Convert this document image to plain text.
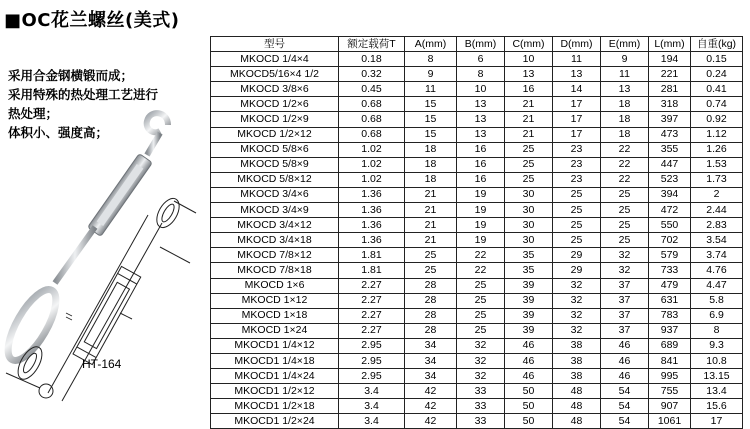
■OC花兰螺丝(美式)
采用合金钢横锻而成；
采用特殊的热处理工艺进行
热处理；
体积小、强度高；
HT-164
型号	额定载荷T	A(mm)	B(mm)	C(mm)	D(mm)	E(mm)	L(mm)	自重(kg)
MKOCD 1/4×4	0.18	8	6	10	11	9	194	0.15
MKOCD5/16×4 1/2	0.32	9	8	13	13	11	221	0.24
MKOCD 3/8×6	0.45	11	10	16	14	13	281	0.41
MKOCD 1/2×6	0.68	15	13	21	17	18	318	0.74
MKOCD 1/2×9	0.68	15	13	21	17	18	397	0.92
MKOCD 1/2×12	0.68	15	13	21	17	18	473	1.12
MKOCD 5/8×6	1.02	18	16	25	23	22	355	1.26
MKOCD 5/8×9	1.02	18	16	25	23	22	447	1.53
MKOCD 5/8×12	1.02	18	16	25	23	22	523	1.73
MKOCD 3/4×6	1.36	21	19	30	25	25	394	2
MKOCD 3/4×9	1.36	21	19	30	25	25	472	2.44
MKOCD 3/4×12	1.36	21	19	30	25	25	550	2.83
MKOCD 3/4×18	1.36	21	19	30	25	25	702	3.54
MKOCD 7/8×12	1.81	25	22	35	29	32	579	3.74
MKOCD 7/8×18	1.81	25	22	35	29	32	733	4.76
MKOCD 1×6	2.27	28	25	39	32	37	479	4.47
MKOCD 1×12	2.27	28	25	39	32	37	631	5.8
MKOCD 1×18	2.27	28	25	39	32	37	783	6.9
MKOCD 1×24	2.27	28	25	39	32	37	937	8
MKOCD1 1/4×12	2.95	34	32	46	38	46	689	9.3
MKOCD1 1/4×18	2.95	34	32	46	38	46	841	10.8
MKOCD1 1/4×24	2.95	34	32	46	38	46	995	13.15
MKOCD1 1/2×12	3.4	42	33	50	48	54	755	13.4
MKOCD1 1/2×18	3.4	42	33	50	48	54	907	15.6
MKOCD1 1/2×24	3.4	42	33	50	48	54	1061	17
